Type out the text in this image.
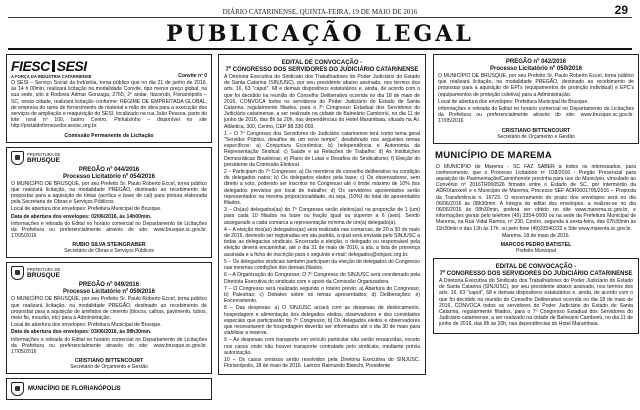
DIÁRIO CATARINENSE, QUINTA-FEIRA, 19 DE MAIO DE 2016	29
PUBLICAÇÃO LEGAL
FIESC SESI
A FORÇA DA INDÚSTRIA CATARINENSE	Convite nº 0

O SESI – Serviço Social da Indústria, torna público que no dia 21 de junho de 2016, às 14 h 00min, realizará licitação na modalidade Convite, tipo menor preço global, na sua sede, sito à Rodovia Admar Gonzaga, 2765, 2º andar, Itacorubi, Florianópolis – SC, nesta cidade, realizará licitação conforme: REGIME DE EMPREITADA GLOBAL, de empresa do ramo de fornecimento de material e mão de obra para a execução dos serviços de ampliação e reaquisição do SESI, localizado na rua João Pessoa, parte do lote rural nº 100, bairro Centro, Pinhalzinho – disponível no site http://portaldofornecedor.sesisc.org.br.

Comissão Permanente de Licitação
PREFEITURA DE
BRUSQUE
PREGÃO nº 044/2016
Processo Licitatório nº 054/2016

O MUNICÍPIO DE BRUSQUE, por seu Prefeito Sr. Paulo Roberto Eccel, torna público que realizará licitação, na modalidade PREGÃO, destinado ao recebimento de propostas para a aquisição de tintas (acrílica e base de cal) para pintura elaborada pela Secretaria de Obras e Serviços Públicos.

Local de abertura dos envelopes: Prefeitura Municipal de Brusque.

Data de abertura dos envelopes: 02/06/2016, às 14h00min.

Informações e retirada do Edital no horário comercial no Departamento de Licitações da Prefeitura ou preferencialmente através do site: www.brusque.sc.gov.br. 17/05/2016

RUBIO SILVA STEINGRABER
Secretário de Obras e Serviços Públicos
PREFEITURA DE
BRUSQUE
PREGÃO nº 049/2016
Processo Licitatório nº 059/2016

O MUNICÍPIO DE BRUSQUE, por seu Prefeito Sr. Paulo Roberto Eccel, torna público que realizará licitação, na modalidade PREGÃO, destinado ao recebimento de propostas para a aquisição de artefatos de cimento (blocos, calhas, pavimento, tubos, meio fio, mourão, etc) para a Administração.

Local de abertura dos envelopes: Prefeitura Municipal de Brusque.

Data de abertura dos envelopes: 03/06/2016, às 08h30min.

Informações e retirada do Edital no horário comercial no Departamento de Licitações da Prefeitura ou preferencialmente através do site: www.brusque.sc.gov.br. 17/05/2016

CRISTIANO BITTENCOURT
Secretário de Orçamento e Gestão
MUNICÍPIO DE FLORIANÓPOLIS
EDITAL DE CONVOCAÇÃO -
7º CONGRESSO DOS SERVIDORES DO JUDICIÁRIO CATARINENSE

A Diretoria Executiva do Sindicato dos Trabalhadores do Poder Judiciário do Estado de Santa Catarina (SINJUSC), por seu presidente abaixo assinado, nos termos dos arts. 16, 63 "caput", 68 e demais dispositivos estatutários e, ainda, de acordo com o que foi decidido na reunião do Conselho Deliberativo ocorrida no dia 18 de maio de 2016, CONVOCA todos os servidores do Poder Judiciário do Estado de Santa Catarina, regularmente filiados, para o 7º Congresso Estadual dos Servidores do Judiciário catarinense, a ser realizado na cidade de Balneário Camboriú, no dia 11 de junho de 2016, das 8h às 20h, nas dependências do Hotel Marambaia, situado na Av. Atlântica, 300, Centro, CEP 88.330-003.

1 – O 7º Congresso dos Servidores do Judiciário catarinense terá como tema geral "Servidor Público, desafios de um novo tempo", desdobrado nos seguintes temas específicos: a) Conjuntura Econômica; b) Independência e Autonomia da Representação Sindical; c) Saúde e as Relações de Trabalho; d) As Instituições Democráticas Brasileiras; e) Plano de Lutas e Desafios do Sindicalismo; f) Eleição do presidente da Comissão Eleitoral.

2 – Participam do 7º Congresso: a) Os membros do conselho deliberativo na condição de delegados natos; b) Os delegados eleitos pela base; c) Os observadores, sem direito a voto, podendo ser inscritos no Congresso até o limite máximo de 10% dos delegados previstos por local de trabalho; d) Os servidores aposentados serão representados na mesma proporcionalidade, ou seja, (10%) do total de aposentados filiados.

3 – Os(as) delegados(as) do 7º Congresso serão eleitos(as) na proporção de 1 (um) para cada 10 filiados na base ou fração igual ou superior a 6 (seis). Sendo assegurado a cada comarca a representação mínima de um(a) delegado(a).

4 – A eleição dos(as) delegados(as) será realizada nas comarcas, de 20 a 30 de maio de 2016, devendo ser registradas em ata padrão, a qual será enviada pelo SINJUSC a todas as delegacias sindicais. Encerrada a eleição, o delegado ou responsável pela eleição deverá encaminhar, até o dia 31 de maio de 2016, a ata, a lista de presença assinada e a ficha de inscrição para o seguinte e-mail: delegados@sinjusc.org.br.

5 – Os delegados sindicais também participam da eleição de delegados do Congresso nas mesmas condições dos demais filiados.

6 – A Organização do Congresso: O 7º Congresso do SINJUSC será coordenado pela Diretoria Executiva do sindicato com o apoio da Comissão Organizadora.

7 – O Congresso será realizado segundo o roteiro prévio: a) Abertura do Congresso; b) Palestras; c) Debates sobre os temas apresentados; d) Deliberações; e) Encerramento.

8 – Das despesas: a) O SINJUSC arcará com as despesas de deslocamento, hospedagem e alimentação dos delegados eleitos, observadores e dos convidados especiais que participarão do 7º Congresso; b) Os delegados eleitos e observadores que necessitarem de hospedagem deverão ser informados até o dia 30 de maio para viabilizar a reserva.

9 – As despesas com transporte em veículo particular não serão ressarcidas, exceto nos casos onde não houver transporte contratado pelo sindicato, mediante prévia autorização.

10 – Os casos omissos serão resolvidos pela Diretoria Executiva do SINJUSC. Florianópolis, 18 de maio de 2016. Laércio Raimundo Bianchi, Presidente

PREGÃO nº 042/2016
Processo Licitatório nº 050/2016

O MUNICÍPIO DE BRUSQUE, por seu Prefeito Sr. Paulo Roberto Eccel, torna público que realizará licitação, na modalidade PREGÃO, destinado ao recebimento de propostas para a aquisição de EPI's (equipamentos de proteção individual) e EPC's (equipamentos de proteção coletiva) para a Administração.

Local de abertura dos envelopes: Prefeitura Municipal de Brusque.

Informações e retirada do Edital no horário comercial no Departamento de Licitações da Prefeitura ou preferencialmente através do site: www.brusque.sc.gov.br. 17/05/2016

CRISTIANO BITTENCOURT
Secretário de Orçamento e Gestão
MUNICÍPIO DE MAREMA

O MUNICÍPIO de Marema - SC FAZ SABER a todos os interessados, para conhecimento, que o Processo Licitatório nº 018/2016 - Pregão Presencial para aquisição de Pavimentação/Caminhonete precinha para uso do Município, vinculado ao Convênio nº 2016TR000526 firmado entre o Estado de SC, por intermédio da ADR/Xanxerê e o Município de Marema, Processo SEF ADR0001705/2016 – Proposta da Transferência n. 16723. O encerramento do prazo dos envelopes será no dia 06/06/2016 às 08h30min. A íntegra do edital dos envelopes, a realizar-se no dia 06/06/2016 às 08h30min, poderá ser obtido no site www.marema.sc.gov.br, e informações gerais pelo telefone (49) 3354-0000 ou na sede da Prefeitura Municipal de Marema, na Rua Vidal Ramos, nº 230, Centro, segunda à sexta-feira, das 07h30min às 11h30min e das 13h às 17h, ou pelo fone (49)33540222 e Site www.marema.sc.gov.br.

Marema, 18 de maio de 2016.

MARCOS PEDRO BATISTEL
Prefeito Municipal
EDITAL DE CONVOCAÇÃO -
7º CONGRESSO DOS SERVIDORES DO JUDICIÁRIO CATARINENSE

A Diretoria Executiva do Sindicato dos Trabalhadores do Poder Judiciário do Estado de Santa Catarina (SINJUSC), por seu presidente abaixo assinado, nos termos dos arts. 16, 63 "caput", 68 e demais dispositivos estatutários e, ainda, de acordo com o que foi decidido na reunião do Conselho Deliberativo ocorrida no dia 18 de maio de 2016, CONVOCA todos os servidores do Poder Judiciário do Estado de Santa Catarina, regularmente filiados, para o 7º Congresso Estadual dos Servidores do Judiciário catarinense, a ser realizado na cidade de Balneário Camboriú, no dia 11 de junho de 2016, das 8h às 20h, nas dependências do Hotel Marambaia.
